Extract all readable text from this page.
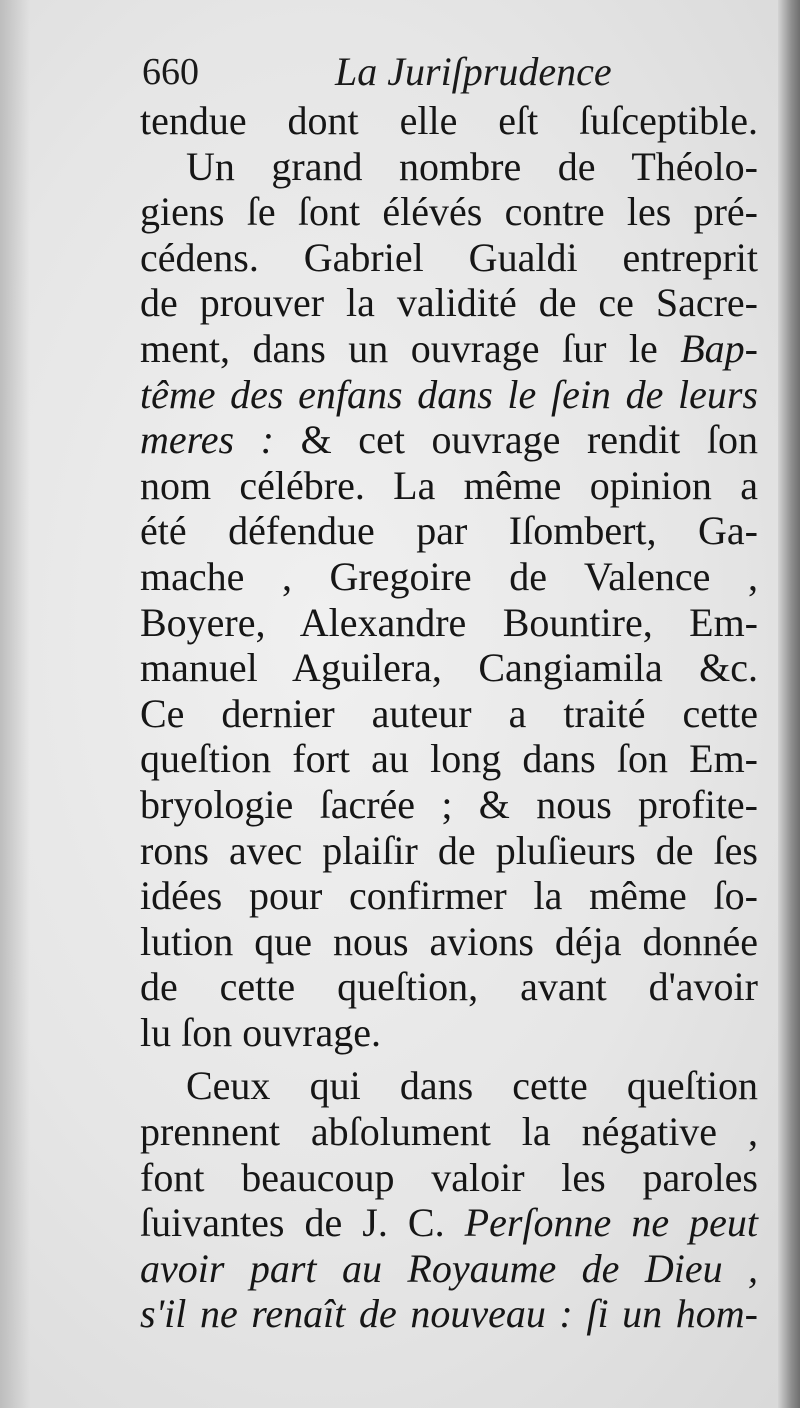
660	La Juriſprudence
tendue dont elle eſt ſuſceptible.
Un grand nombre de Théolo-
giens ſe ſont élévés contre les pré-
cédens. Gabriel Gualdi entreprit
de prouver la validité de ce Sacre-
ment, dans un ouvrage ſur le Bap-
tême des enfans dans le ſein de leurs
meres : & cet ouvrage rendit ſon
nom célébre. La même opinion a
été défendue par Iſombert, Ga-
mache , Gregoire de Valence ,
Boyere, Alexandre Bountire, Em-
manuel Aguilera, Cangiamila &c.
Ce dernier auteur a traité cette
queſtion fort au long dans ſon Em-
bryologie ſacrée ; & nous profite-
rons avec plaiſir de pluſieurs de ſes
idées pour confirmer la même ſo-
lution que nous avions déja donnée
de cette queſtion, avant d'avoir
lu ſon ouvrage.
Ceux qui dans cette queſtion
prennent abſolument la négative ,
font beaucoup valoir les paroles
ſuivantes de J. C. Perſonne ne peut
avoir part au Royaume de Dieu ,
s'il ne renaît de nouveau : ſi un hom-
